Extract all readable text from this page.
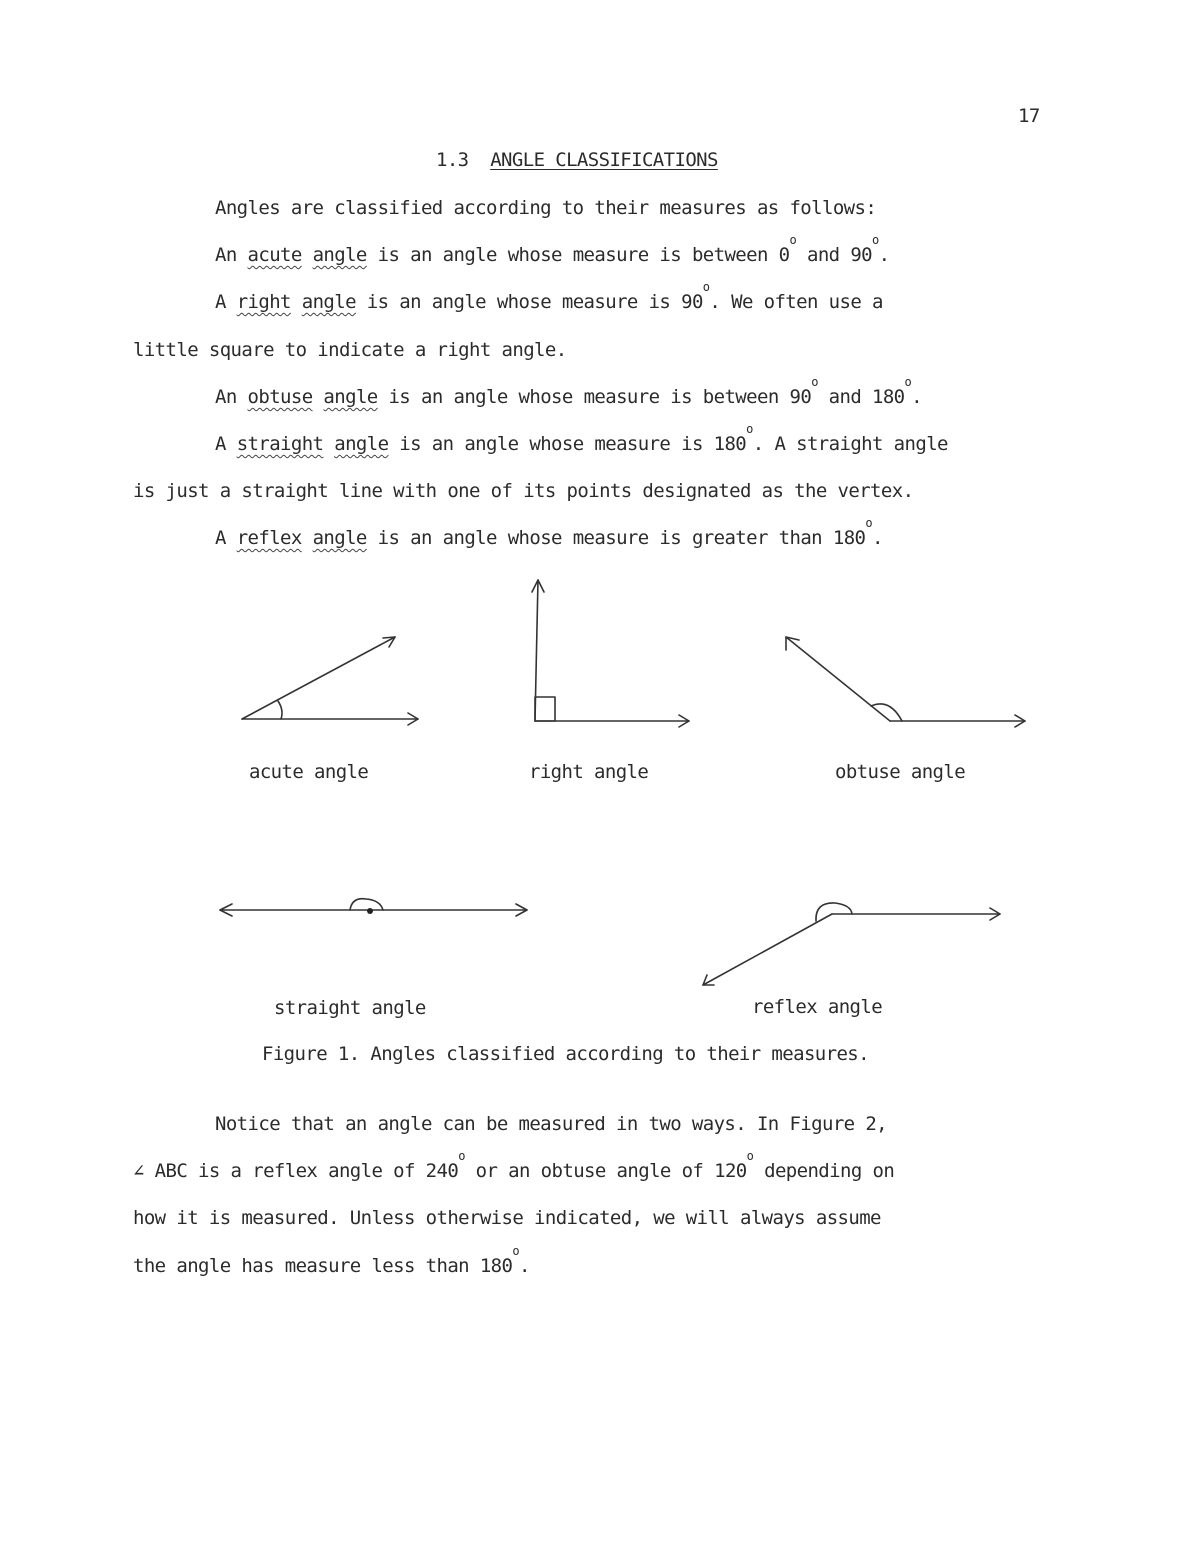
17
1.3 ANGLE CLASSIFICATIONS
Angles are classified according to their measures as follows:
An acute angle is an angle whose measure is between 0$^o$ and 90$^o$.
A right angle is an angle whose measure is 90$^o$. We often use a
little square to indicate a right angle.
An obtuse angle is an angle whose measure is between 90$^o$ and 180$^o$.
A straight angle is an angle whose measure is 180$^o$. A straight angle
is just a straight line with one of its points designated as the vertex.
A reflex angle is an angle whose measure is greater than 180$^o$.
acute angle	right angle	obtuse angle
straight angle	reflex angle
Figure 1. Angles classified according to their measures.
Notice that an angle can be measured in two ways. In Figure 2,
∠ ABC is a reflex angle of 240$^o$ or an obtuse angle of 120$^o$ depending on
how it is measured. Unless otherwise indicated, we will always assume
the angle has measure less than 180$^o$.
